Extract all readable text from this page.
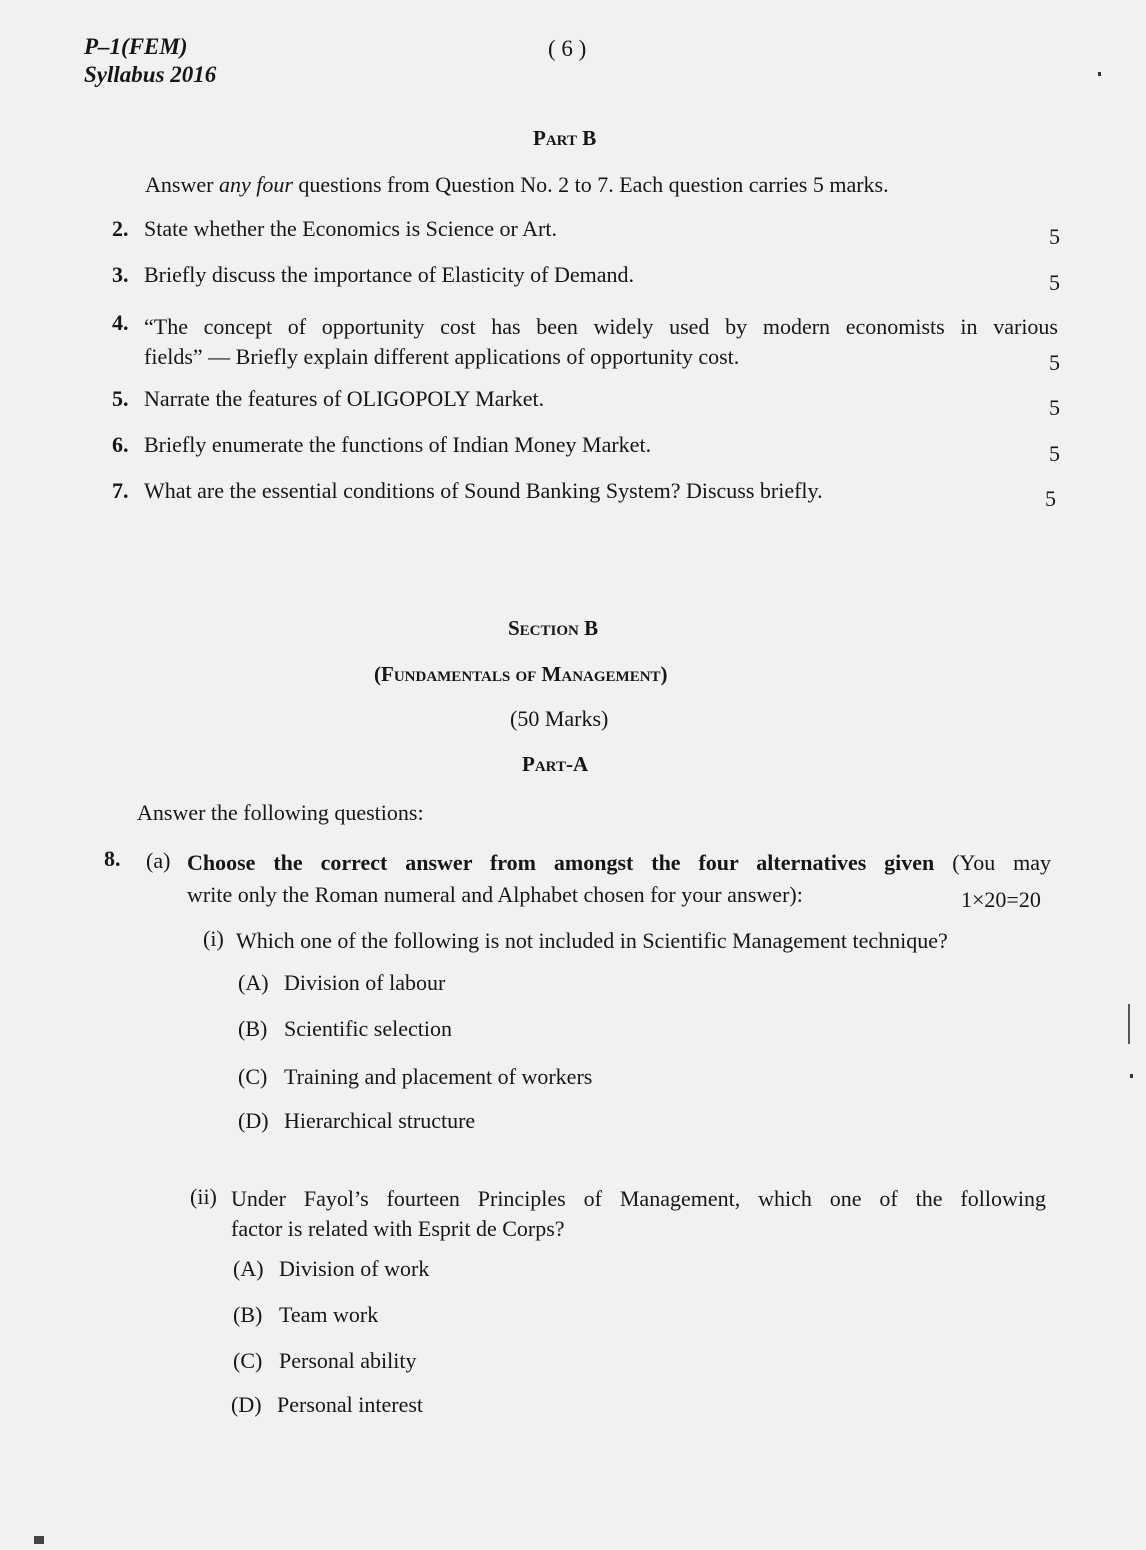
P–1(FEM)
Syllabus 2016
( 6 )
Part B
Answer any four questions from Question No. 2 to 7. Each question carries 5 marks.
2. State whether the Economics is Science or Art.	5
3. Briefly discuss the importance of Elasticity of Demand.	5
4. “The concept of opportunity cost has been widely used by modern economists in various
fields” — Briefly explain different applications of opportunity cost.	5
5. Narrate the features of OLIGOPOLY Market.	5
6. Briefly enumerate the functions of Indian Money Market.	5
7. What are the essential conditions of Sound Banking System? Discuss briefly.	5
Section B
(Fundamentals of Management)
(50 Marks)
Part-A
Answer the following questions:
8. (a) Choose the correct answer from amongst the four alternatives given (You may
write only the Roman numeral and Alphabet chosen for your answer):	1×20=20
(i) Which one of the following is not included in Scientific Management technique?
(A) Division of labour
(B) Scientific selection
(C) Training and placement of workers
(D) Hierarchical structure
(ii) Under Fayol’s fourteen Principles of Management, which one of the following
factor is related with Esprit de Corps?
(A) Division of work
(B) Team work
(C) Personal ability
(D) Personal interest
